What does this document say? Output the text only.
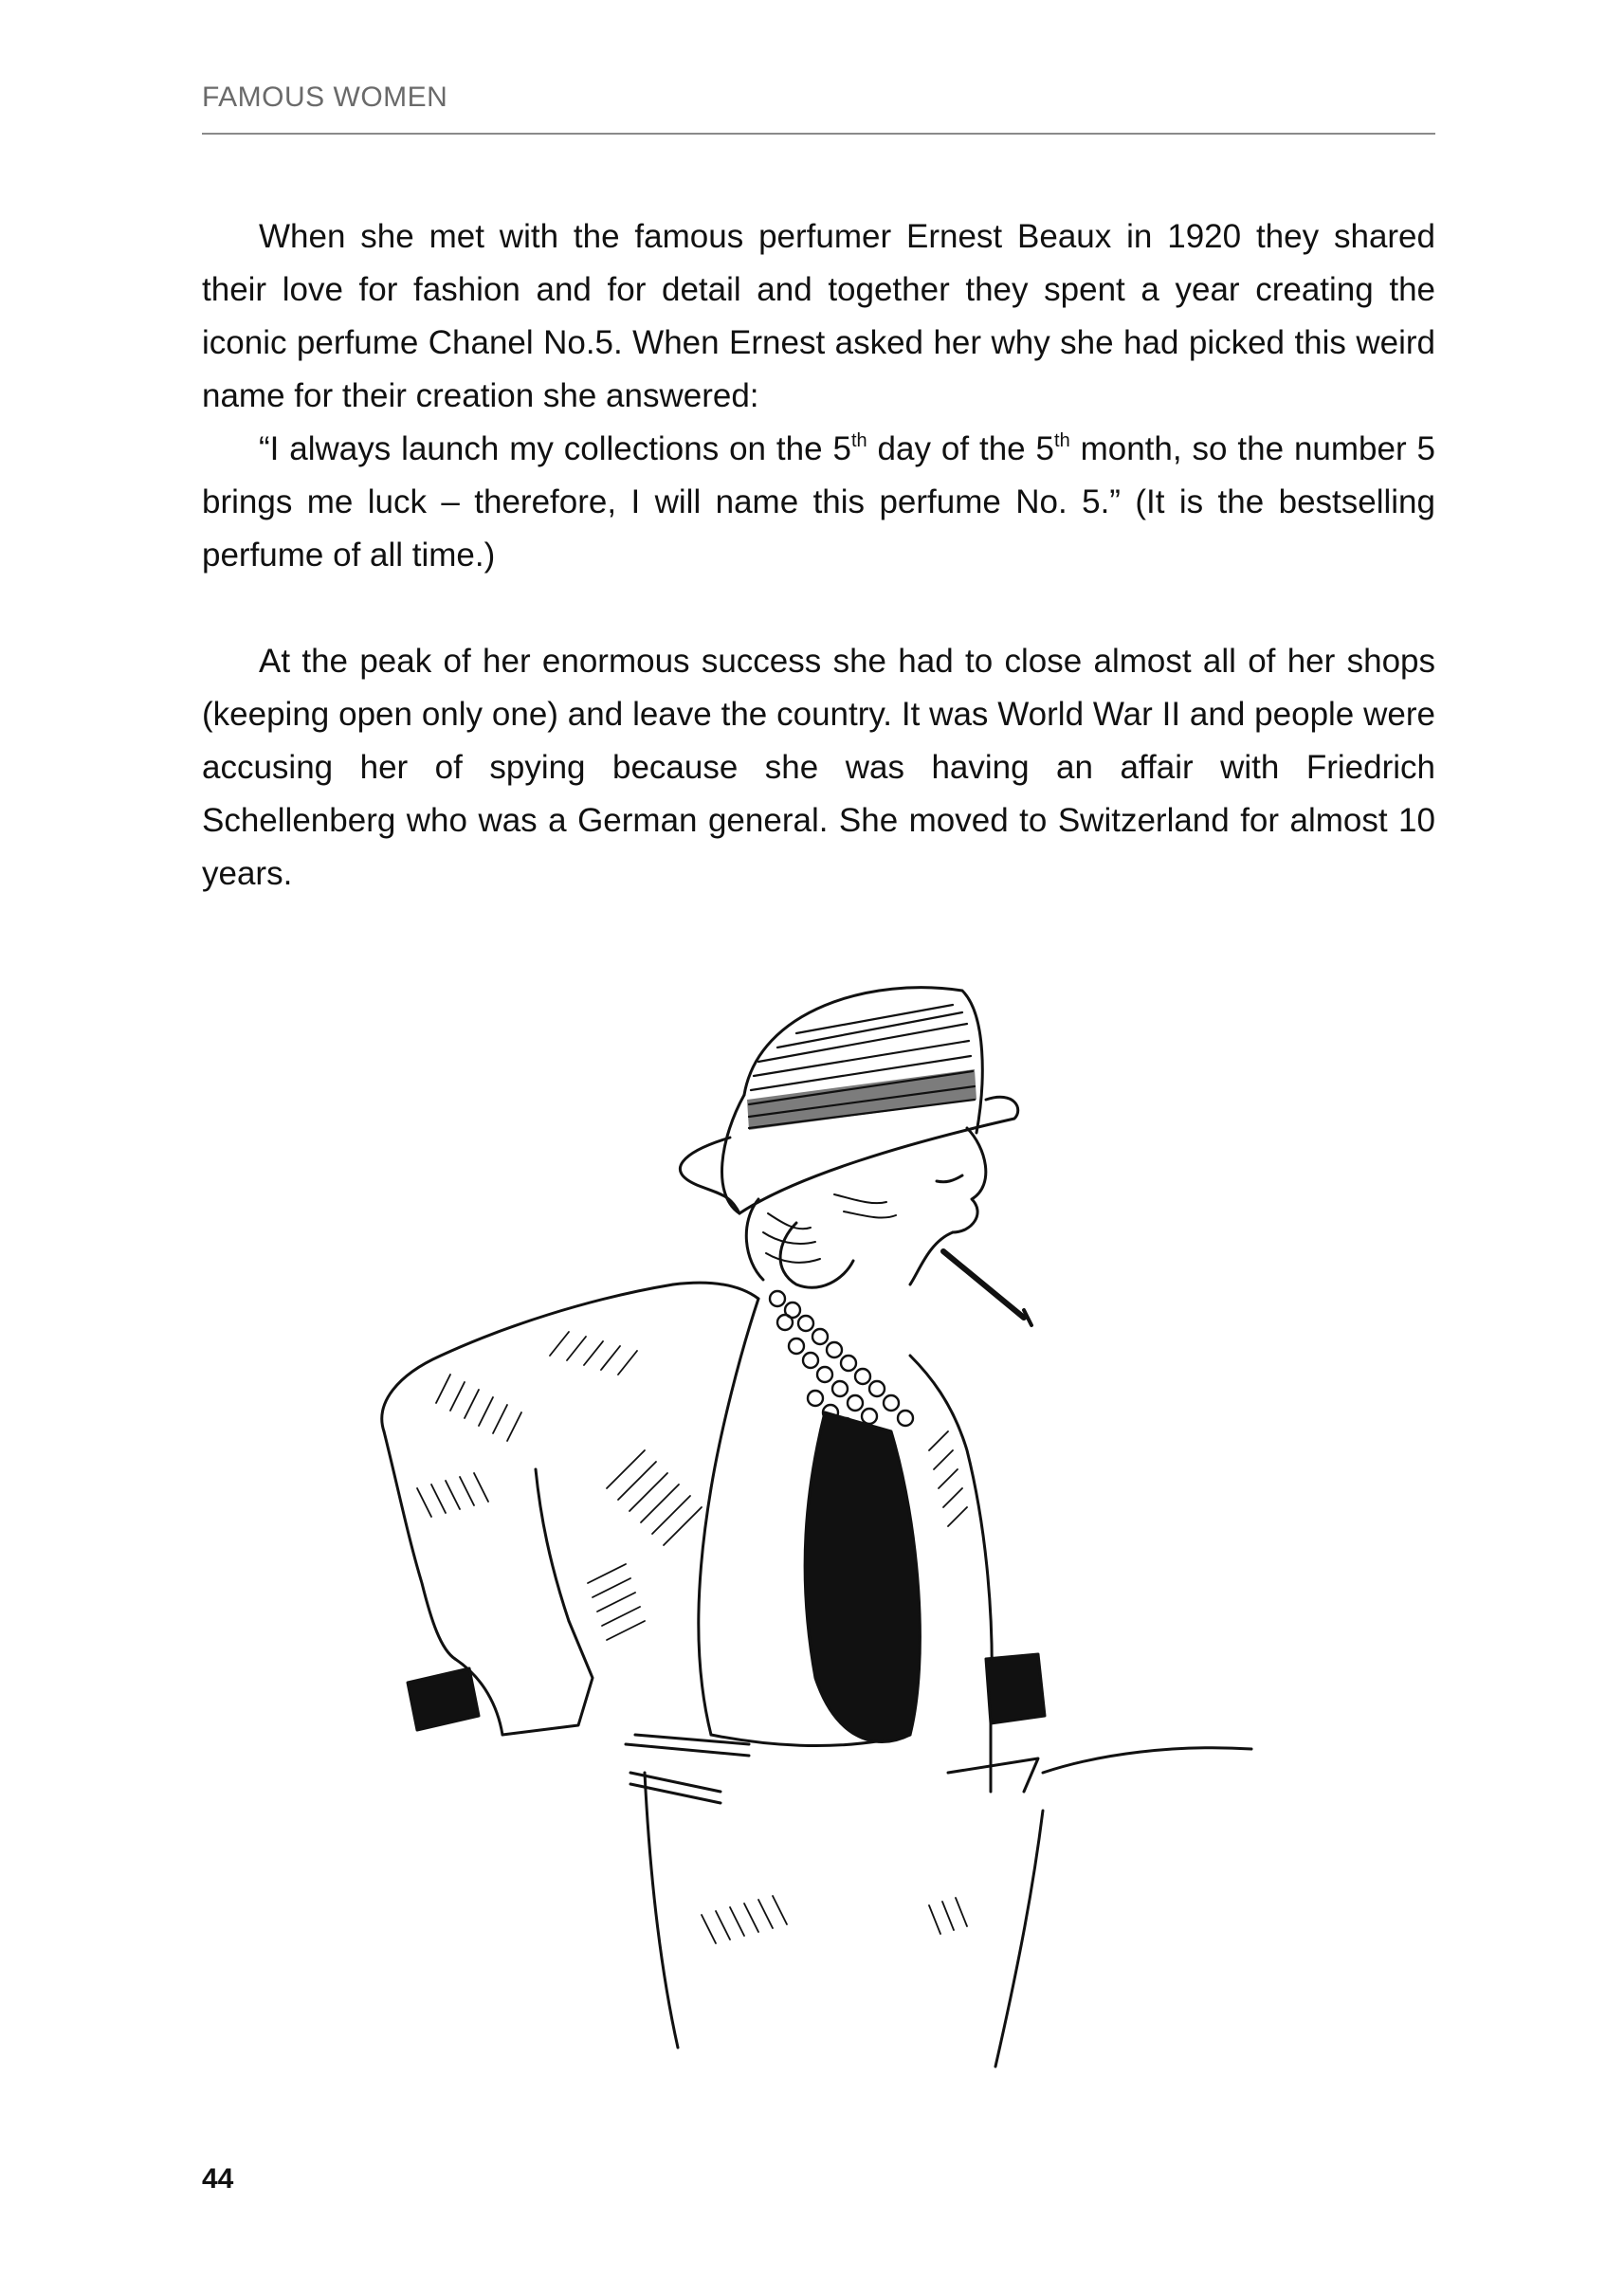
FAMOUS WOMEN

When she met with the famous perfumer Ernest Beaux in 1920 they shared their love for fashion and for detail and together they spent a year creating the iconic perfume Chanel No.5. When Ernest asked her why she had picked this weird name for their creation she answered:

“I always launch my collections on the 5th day of the 5th month, so the number 5 brings me luck – therefore, I will name this perfume No. 5.” (It is the bestselling perfume of all time.)

At the peak of her enormous success she had to close almost all of her shops (keeping open only one) and leave the country. It was World War II and people were accusing her of spying because she was having an affair with Friedrich Schellenberg who was a German general. She moved to Switzerland for almost 10 years.

44
